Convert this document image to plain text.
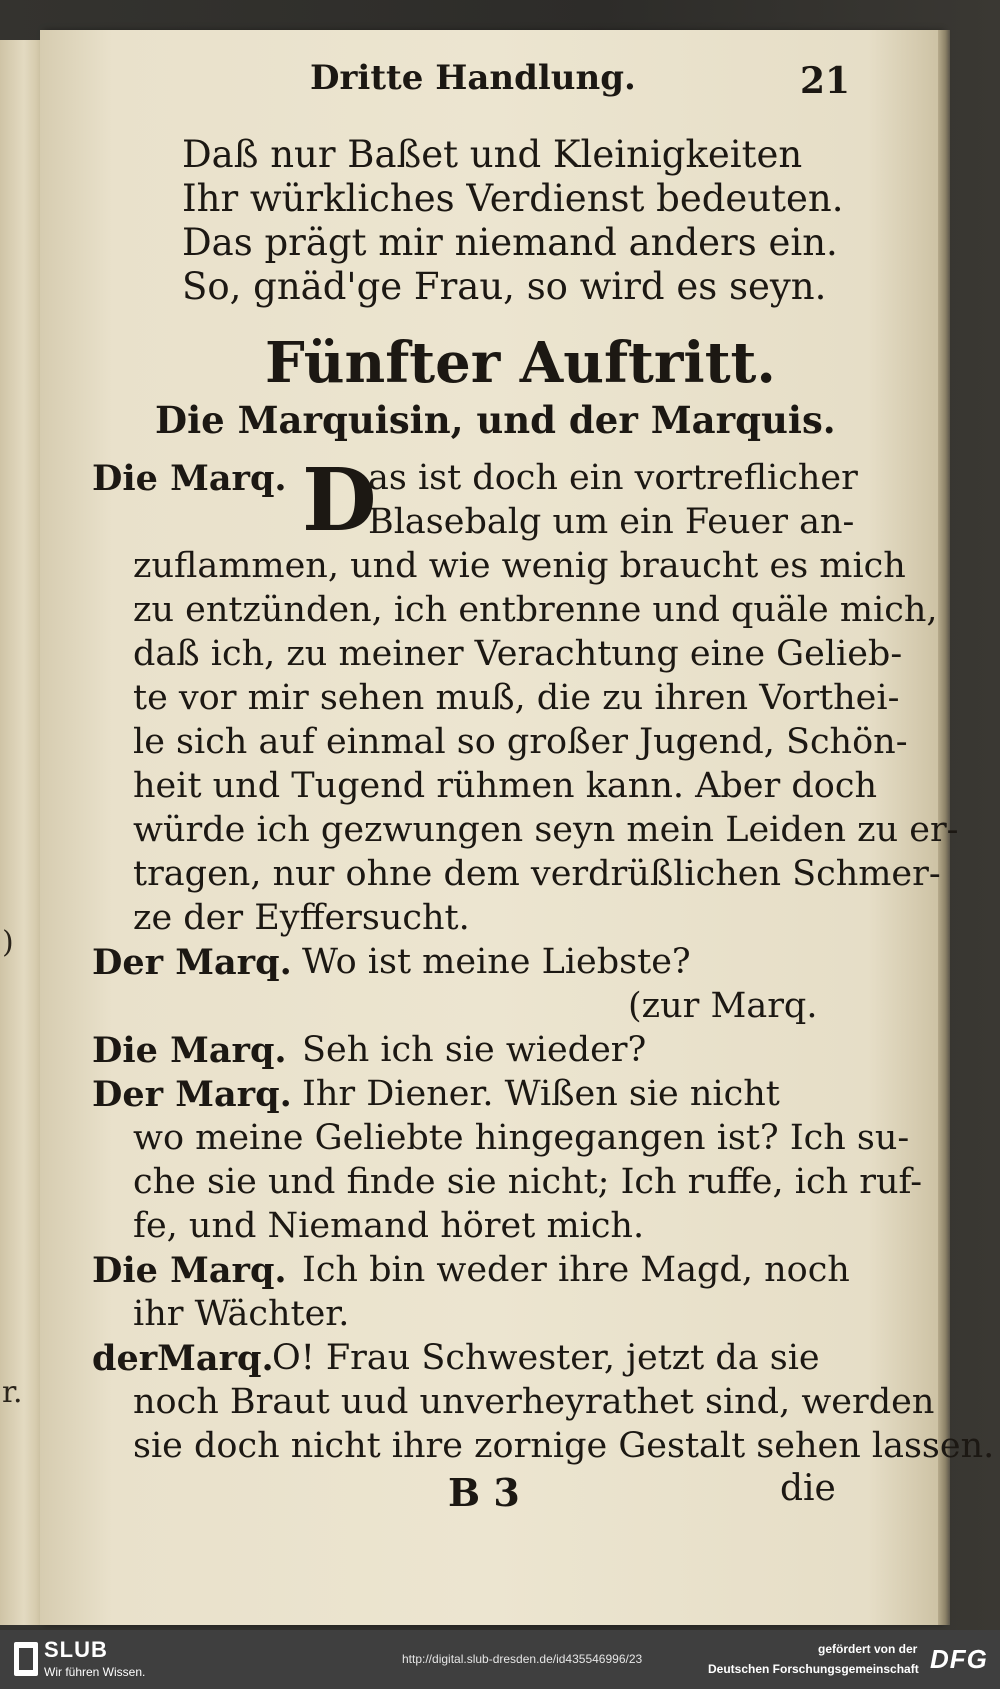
)
r.
Dritte Handlung.	21
Daß nur Baßet und Kleinigkeiten
Ihr würkliches Verdienst bedeuten.
Das prägt mir niemand anders ein.
So, gnäd'ge Frau, so wird es seyn.
Fünfter Auftritt.
Die Marquisin, und der Marquis.
Die Marq. D
as ist doch ein vortreflicher
Blasebalg um ein Feuer an-
zuflammen, und wie wenig braucht es mich
zu entzünden, ich entbrenne und quäle mich,
daß ich, zu meiner Verachtung eine Gelieb-
te vor mir sehen muß, die zu ihren Vorthei-
le sich auf einmal so großer Jugend, Schön-
heit und Tugend rühmen kann. Aber doch
würde ich gezwungen seyn mein Leiden zu er-
tragen, nur ohne dem verdrüßlichen Schmer-
ze der Eyffersucht.
Der Marq. Wo ist meine Liebste?
(zur Marq.
Die Marq. Seh ich sie wieder?
Der Marq. Ihr Diener. Wißen sie nicht
wo meine Geliebte hingegangen ist? Ich su-
che sie und finde sie nicht; Ich ruffe, ich ruf-
fe, und Niemand höret mich.
Die Marq. Ich bin weder ihre Magd, noch
ihr Wächter.
derMarq.
O! Frau Schwester, jetzt da sie
noch Braut uud unverheyrathet sind, werden
sie doch nicht ihre zornige Gestalt sehen lassen.
B 3	die
SLUB
Wir führen Wissen.
http://digital.slub-dresden.de/id435546996/23
gefördert von der
Deutschen Forschungsgemeinschaft DFG
